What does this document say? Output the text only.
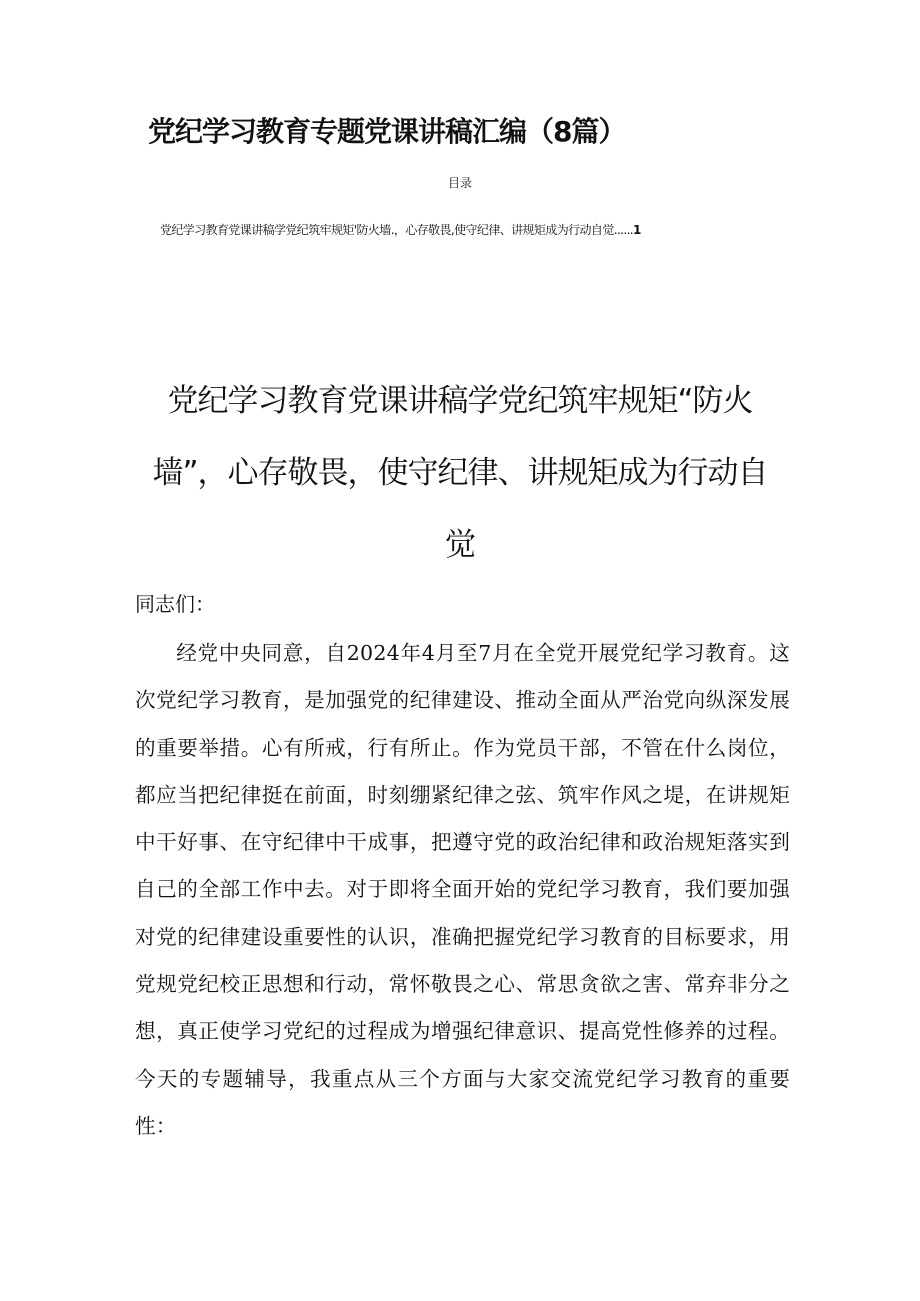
党纪学习教育专题党课讲稿汇编（8篇）
目录
党纪学习教育党课讲稿学党纪筑牢规矩'防火墙.，心存敬畏,使守纪律、讲规矩成为行动自觉......1
党纪学习教育党课讲稿学党纪筑牢规矩“防火墙”，心存敬畏，使守纪律、讲规矩成为行动自觉
同志们：

经党中央同意，自2024年4月至7月在全党开展党纪学习教育。这次党纪学习教育，是加强党的纪律建设、推动全面从严治党向纵深发展的重要举措。心有所戒，行有所止。作为党员干部，不管在什么岗位，都应当把纪律挺在前面，时刻绷紧纪律之弦、筑牢作风之堤，在讲规矩中干好事、在守纪律中干成事，把遵守党的政治纪律和政治规矩落实到自己的全部工作中去。对于即将全面开始的党纪学习教育，我们要加强对党的纪律建设重要性的认识，准确把握党纪学习教育的目标要求，用党规党纪校正思想和行动，常怀敬畏之心、常思贪欲之害、常弃非分之想，真正使学习党纪的过程成为增强纪律意识、提高党性修养的过程。今天的专题辅导，我重点从三个方面与大家交流党纪学习教育的重要性：
